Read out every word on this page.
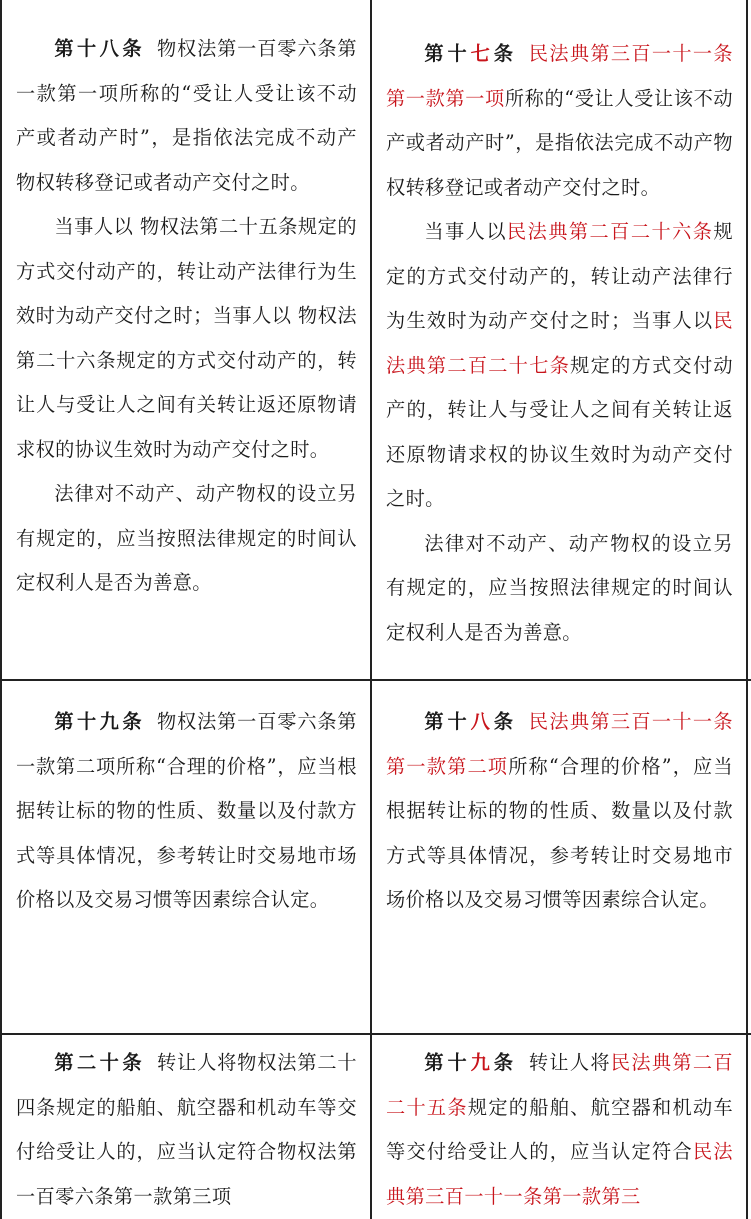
第十八条 物权法第一百零六条第一款第一项所称的“受让人受让该不动产或者动产时”，是指依法完成不动产物权转移登记或者动产交付之时。

当事人以 物权法第二十五条规定的方式交付动产的，转让动产法律行为生效时为动产交付之时；当事人以 物权法第二十六条规定的方式交付动产的，转让人与受让人之间有关转让返还原物请求权的协议生效时为动产交付之时。

法律对不动产、动产物权的设立另有规定的，应当按照法律规定的时间认定权利人是否为善意。

第十七条 民法典第三百一十一条第一款第一项所称的“受让人受让该不动产或者动产时”，是指依法完成不动产物权转移登记或者动产交付之时。

当事人以民法典第二百二十六条规定的方式交付动产的，转让动产法律行为生效时为动产交付之时；当事人以民法典第二百二十七条规定的方式交付动产的，转让人与受让人之间有关转让返还原物请求权的协议生效时为动产交付之时。

法律对不动产、动产物权的设立另有规定的，应当按照法律规定的时间认定权利人是否为善意。

第十九条 物权法第一百零六条第一款第二项所称“合理的价格”，应当根据转让标的物的性质、数量以及付款方式等具体情况，参考转让时交易地市场价格以及交易习惯等因素综合认定。

第十八条 民法典第三百一十一条第一款第二项所称“合理的价格”，应当根据转让标的物的性质、数量以及付款方式等具体情况，参考转让时交易地市场价格以及交易习惯等因素综合认定。

第二十条 转让人将物权法第二十四条规定的船舶、航空器和机动车等交付给受让人的，应当认定符合物权法第一百零六条第一款第三项

第十九条 转让人将民法典第二百二十五条规定的船舶、航空器和机动车等交付给受让人的，应当认定符合民法典第三百一十一条第一款第三
